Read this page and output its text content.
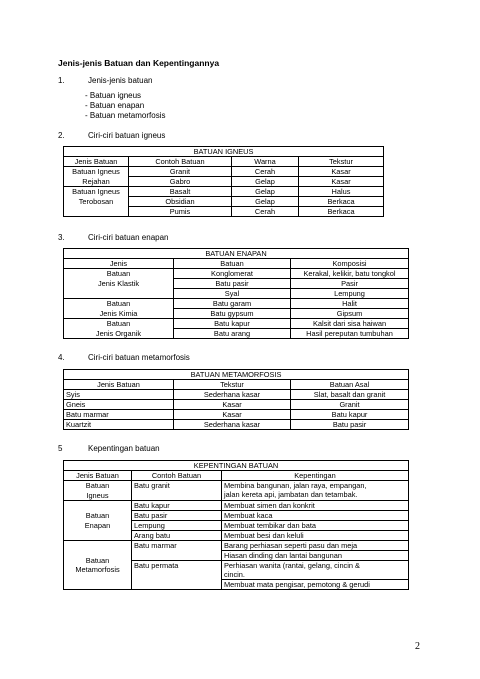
Jenis-jenis Batuan dan Kepentingannya
1.	Jenis-jenis batuan
- Batuan igneus
- Batuan enapan
- Batuan metamorfosis
2.	Ciri-ciri batuan igneus
BATUAN IGNEUS			
Jenis Batuan	Contoh Batuan	Warna	Tekstur
Batuan Igneus
Rejahan	Granit	Cerah	Kasar
	Gabro	Gelap	Kasar
Batuan Igneus
Terobosan	Basalt	Gelap	Halus
	Obsidian	Gelap	Berkaca
	Pumis	Cerah	Berkaca
3.	Ciri-ciri batuan enapan
BATUAN ENAPAN		
Jenis	Batuan	Komposisi
Batuan
Jenis Klastik	Konglomerat	Kerakal, kelikir, batu tongkol
	Batu pasir	Pasir
	Syal	Lempung
Batuan
Jenis Kimia	Batu garam	Halit
	Batu gypsum	Gipsum
Batuan
Jenis Organik	Batu kapur	Kalsit dari sisa haiwan
	Batu arang	Hasil pereputan tumbuhan
4.	Ciri-ciri batuan metamorfosis
BATUAN METAMORFOSIS		
Jenis Batuan	Tekstur	Batuan Asal
Syis	Sederhana kasar	Slat, basalt dan granit
Gneis	Kasar	Granit
Batu marmar	Kasar	Batu kapur
Kuartzit	Sederhana kasar	Batu pasir
5	Kepentingan batuan
KEPENTINGAN BATUAN		
Jenis Batuan	Contoh Batuan	Kepentingan
Batuan
Igneus	Batu granit	Membina bangunan, jalan raya, empangan,
jalan kereta api, jambatan dan tetambak.
Batuan
Enapan	Batu kapur	Membuat simen dan konkrit
	Batu pasir	Membuat kaca
	Lempung	Membuat tembikar dan bata
	Arang batu	Membuat besi dan keluli
Batuan
Metamorfosis	Batu marmar	Barang perhiasan seperti pasu dan meja
		Hiasan dinding dan lantai bangunan
	Batu permata	Perhiasan wanita (rantai, gelang, cincin &
cincin.
		Membuat mata pengisar, pemotong & gerudi
2
